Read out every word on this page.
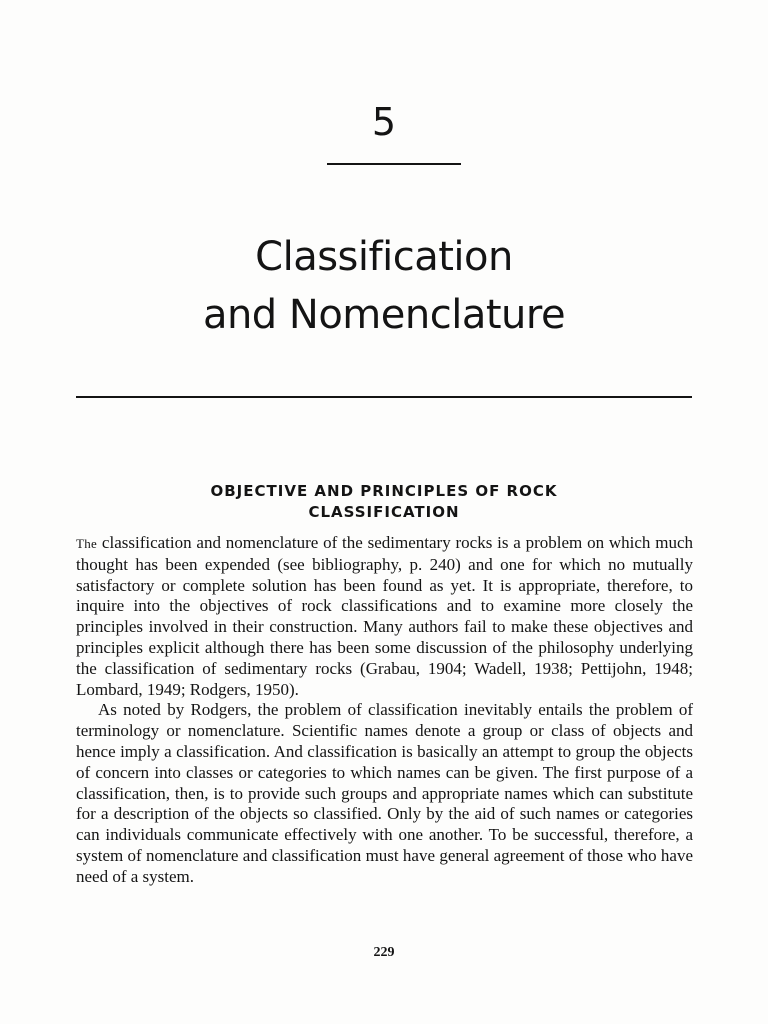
5
Classification
and Nomenclature
OBJECTIVE AND PRINCIPLES OF ROCK
CLASSIFICATION

The classification and nomenclature of the sedimentary rocks is a problem on which much thought has been expended (see bibliography, p. 240) and one for which no mutually satisfactory or complete solution has been found as yet. It is appropriate, therefore, to inquire into the objectives of rock classifications and to examine more closely the principles involved in their construction. Many authors fail to make these objectives and principles explicit although there has been some discussion of the philosophy underlying the classification of sedimentary rocks (Grabau, 1904; Wadell, 1938; Pettijohn, 1948; Lombard, 1949; Rodgers, 1950).

As noted by Rodgers, the problem of classification inevitably entails the problem of terminology or nomenclature. Scientific names denote a group or class of objects and hence imply a classification. And classification is basically an attempt to group the objects of concern into classes or categories to which names can be given. The first purpose of a classification, then, is to provide such groups and appropriate names which can substitute for a description of the objects so classified. Only by the aid of such names or categories can individuals communicate effectively with one another. To be successful, therefore, a system of nomenclature and classification must have general agreement of those who have need of a system.

229
